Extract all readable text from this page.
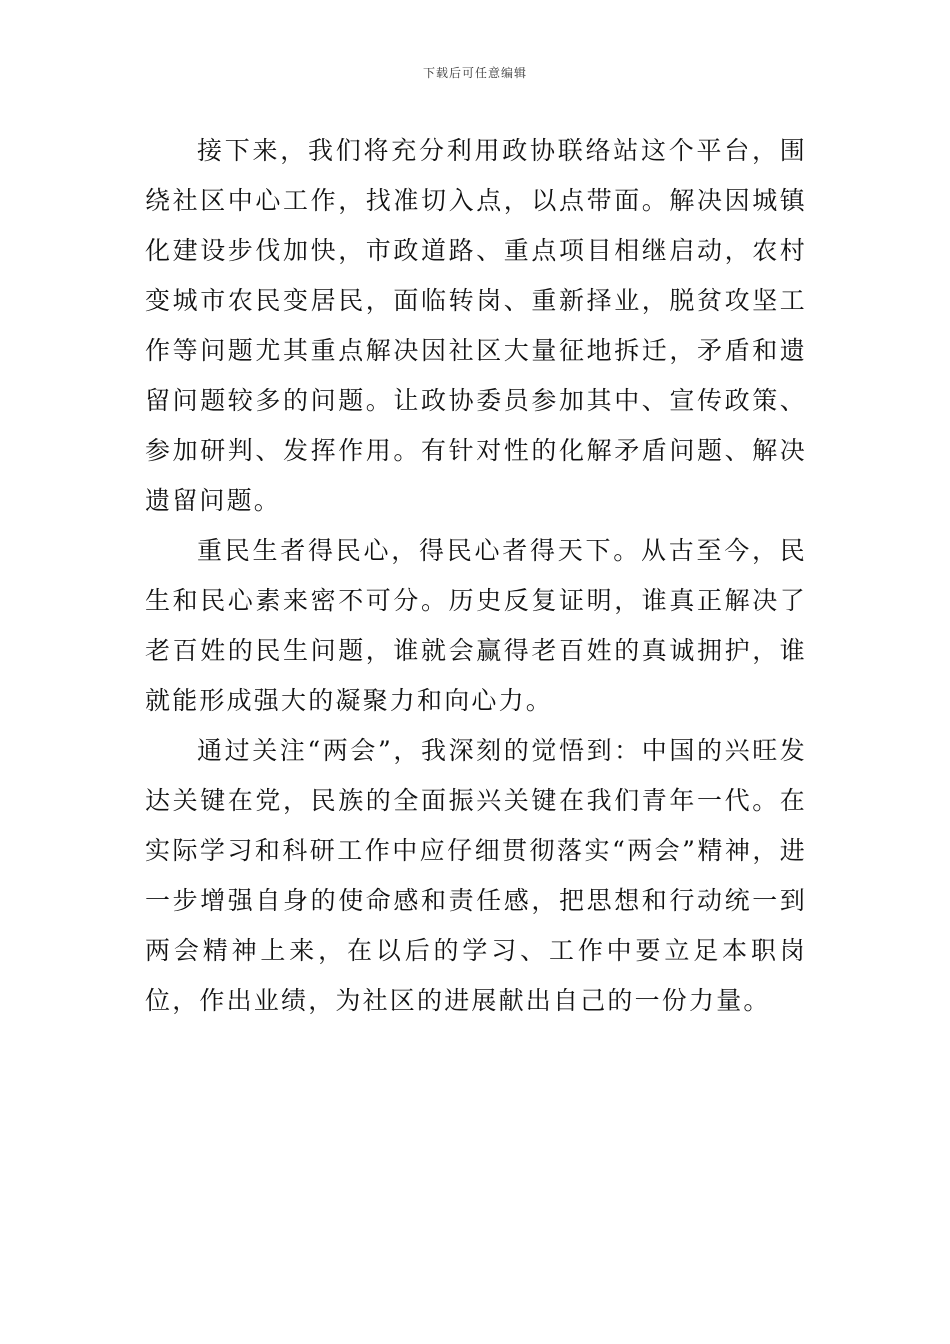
下载后可任意编辑

接下来，我们将充分利用政协联络站这个平台，围绕社区中心工作，找准切入点，以点带面。解决因城镇化建设步伐加快，市政道路、重点项目相继启动，农村变城市农民变居民，面临转岗、重新择业，脱贫攻坚工作等问题尤其重点解决因社区大量征地拆迁，矛盾和遗留问题较多的问题。让政协委员参加其中、宣传政策、参加研判、发挥作用。有针对性的化解矛盾问题、解决遗留问题。

重民生者得民心，得民心者得天下。从古至今，民生和民心素来密不可分。历史反复证明，谁真正解决了老百姓的民生问题，谁就会赢得老百姓的真诚拥护，谁就能形成强大的凝聚力和向心力。

通过关注“两会”，我深刻的觉悟到：中国的兴旺发达关键在党，民族的全面振兴关键在我们青年一代。在实际学习和科研工作中应仔细贯彻落实“两会”精神，进一步增强自身的使命感和责任感，把思想和行动统一到两会精神上来，在以后的学习、工作中要立足本职岗位，作出业绩，为社区的进展献出自己的一份力量。
